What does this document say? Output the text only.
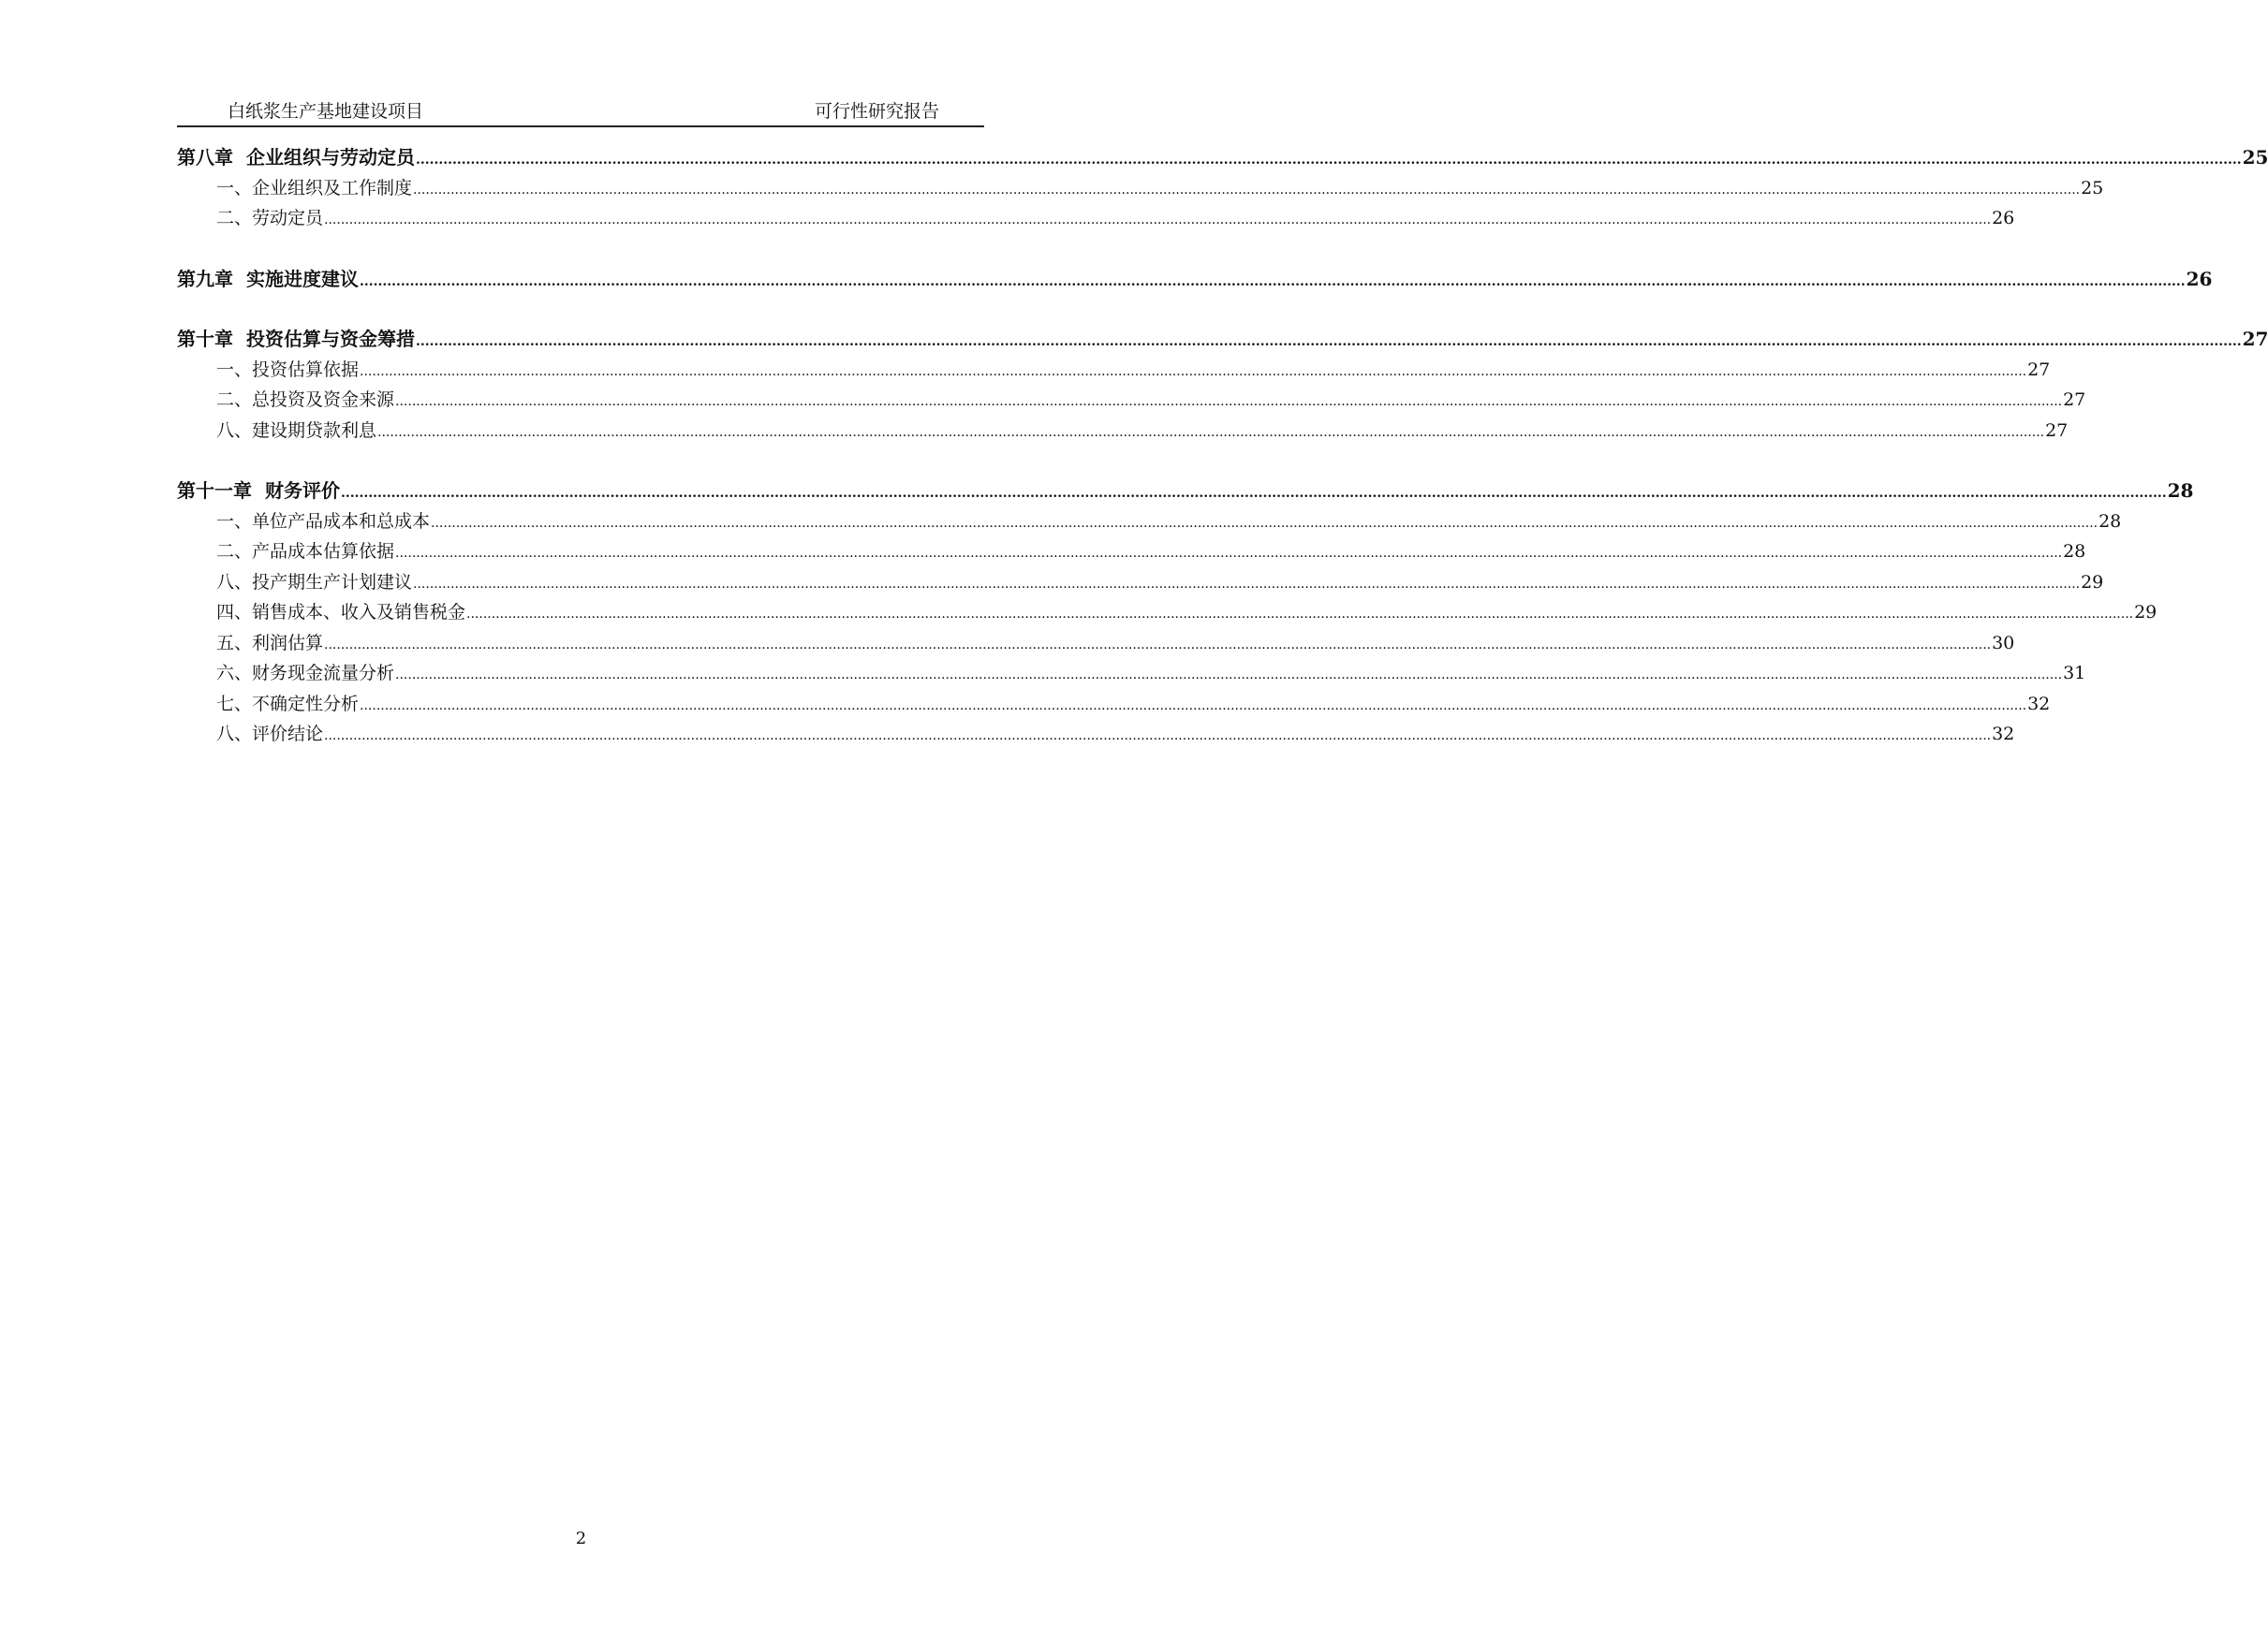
白纸浆生产基地建设项目	可行性研究报告
第八章 企业组织与劳动定员 ................................................................................................................................................................................................................................................................................................................................................................................................................ 25
一、企业组织及工作制度 ................................................................................................................................................................................................................................................................................................................................................................................................................ 25
二、劳动定员 ................................................................................................................................................................................................................................................................................................................................................................................................................ 26
第九章 实施进度建议 ................................................................................................................................................................................................................................................................................................................................................................................................................ 26
第十章 投资估算与资金筹措 ................................................................................................................................................................................................................................................................................................................................................................................................................ 27
一、投资估算依据 ................................................................................................................................................................................................................................................................................................................................................................................................................ 27
二、总投资及资金来源 ................................................................................................................................................................................................................................................................................................................................................................................................................ 27
八、建设期贷款利息 ................................................................................................................................................................................................................................................................................................................................................................................................................ 27
第十一章 财务评价 ................................................................................................................................................................................................................................................................................................................................................................................................................ 28
一、单位产品成本和总成本 ................................................................................................................................................................................................................................................................................................................................................................................................................ 28
二、产品成本估算依据 ................................................................................................................................................................................................................................................................................................................................................................................................................ 28
八、投产期生产计划建议 ................................................................................................................................................................................................................................................................................................................................................................................................................ 29
四、销售成本、收入及销售税金 ................................................................................................................................................................................................................................................................................................................................................................................................................ 29
五、利润估算 ................................................................................................................................................................................................................................................................................................................................................................................................................ 30
六、财务现金流量分析 ................................................................................................................................................................................................................................................................................................................................................................................................................ 31
七、不确定性分析 ................................................................................................................................................................................................................................................................................................................................................................................................................ 32
八、评价结论 ................................................................................................................................................................................................................................................................................................................................................................................................................ 32
2
